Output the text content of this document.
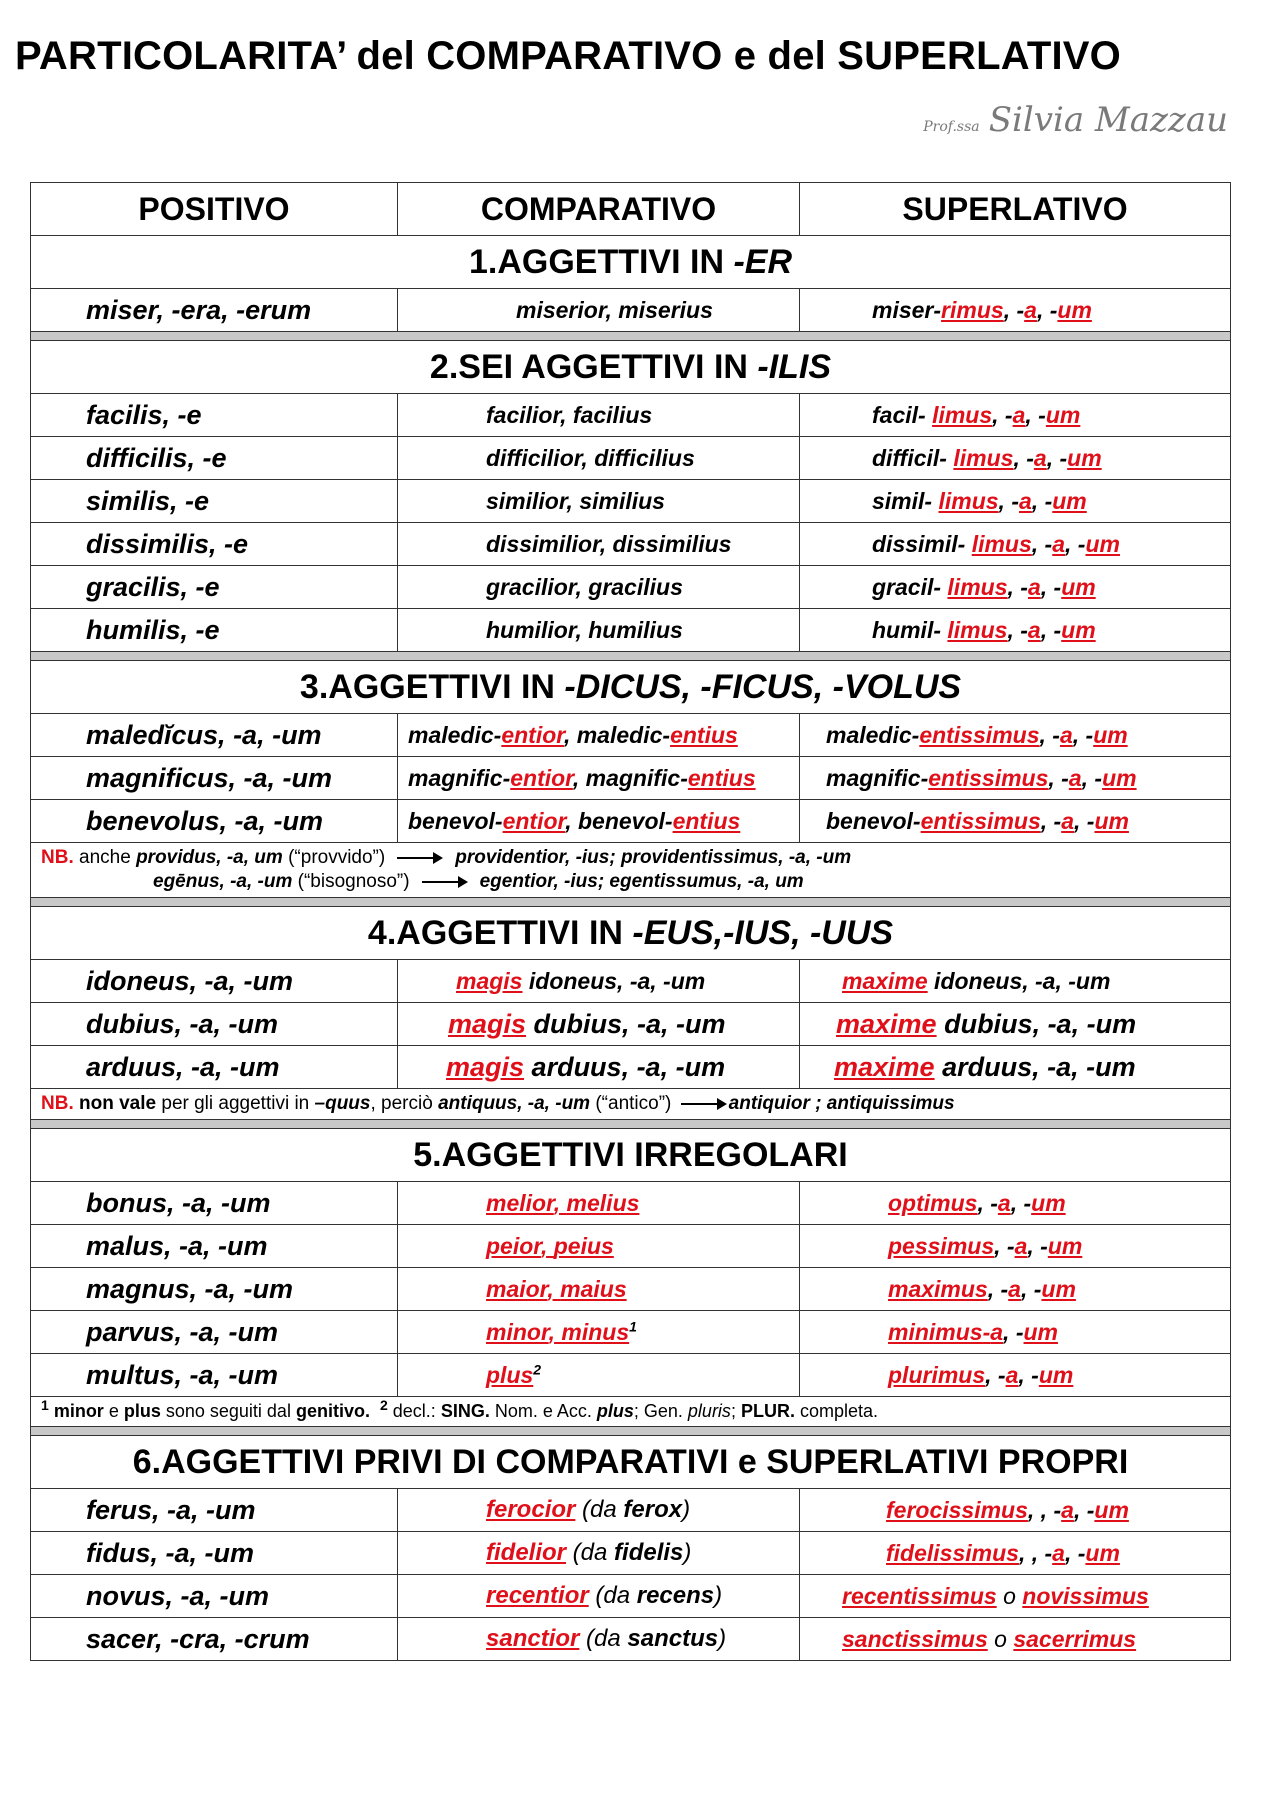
PARTICOLARITA’ del COMPARATIVO e del SUPERLATIVO
Prof.ssa Silvia Mazzau
POSITIVO	COMPARATIVO	SUPERLATIVO
1.AGGETTIVI IN -ER		
miser, -era, -erum	miserior, miserius	miser-rimus, -a, -um

2.SEI AGGETTIVI IN -ILIS		
facilis, -e	facilior, facilius	facil- limus, -a, -um
difficilis, -e	difficilior, difficilius	difficil- limus, -a, -um
similis, -e	similior, similius	simil- limus, -a, -um
dissimilis, -e	dissimilior, dissimilius	dissimil- limus, -a, -um
gracilis, -e	gracilior, gracilius	gracil- limus, -a, -um
humilis, -e	humilior, humilius	humil- limus, -a, -um

3.AGGETTIVI IN -DICUS, -FICUS, -VOLUS		
maledĭcus, -a, -um	maledic-entior, maledic-entius	maledic-entissimus, -a, -um
magnificus, -a, -um	magnific-entior, magnific-entius	magnific-entissimus, -a, -um
benevolus, -a, -um	benevol-entior, benevol-entius	benevol-entissimus, -a, -um

NB. anche providus, -a, um (“provvido”) providentior, -ius; providentissimus, -a, -um
egēnus, -a, -um (“bisognoso”) egentior, -ius; egentissumus, -a, um		

4.AGGETTIVI IN -EUS,-IUS, -UUS		
idoneus, -a, -um	magis idoneus, -a, -um	maxime idoneus, -a, -um
dubius, -a, -um	magis dubius, -a, -um	maxime dubius, -a, -um
arduus, -a, -um	magis arduus, -a, -um	maxime arduus, -a, -um
NB. non vale per gli aggettivi in –quus, perciò antiquus, -a, -um (“antico”) antiquior ; antiquissimus		

5.AGGETTIVI IRREGOLARI		
bonus, -a, -um	melior, melius	optimus, -a, -um
malus, -a, -um	peior, peius	pessimus, -a, -um
magnus, -a, -um	maior, maius	maximus, -a, -um
parvus, -a, -um	minor, minus$^1$	minimus-a, -um
multus, -a, -um	plus$^2$	plurimus, -a, -um
$^1$ minor e plus sono seguiti dal genitivo. $^2$ decl.: SING. Nom. e Acc. plus; Gen. pluris; PLUR. completa.		

6.AGGETTIVI PRIVI DI COMPARATIVI e SUPERLATIVI PROPRI		
ferus, -a, -um	ferocior (da ferox)	ferocissimus, , -a, -um
fidus, -a, -um	fidelior (da fidelis)	fidelissimus, , -a, -um
novus, -a, -um	recentior (da recens)	recentissimus o novissimus
sacer, -cra, -crum	sanctior (da sanctus)	sanctissimus o sacerrimus
